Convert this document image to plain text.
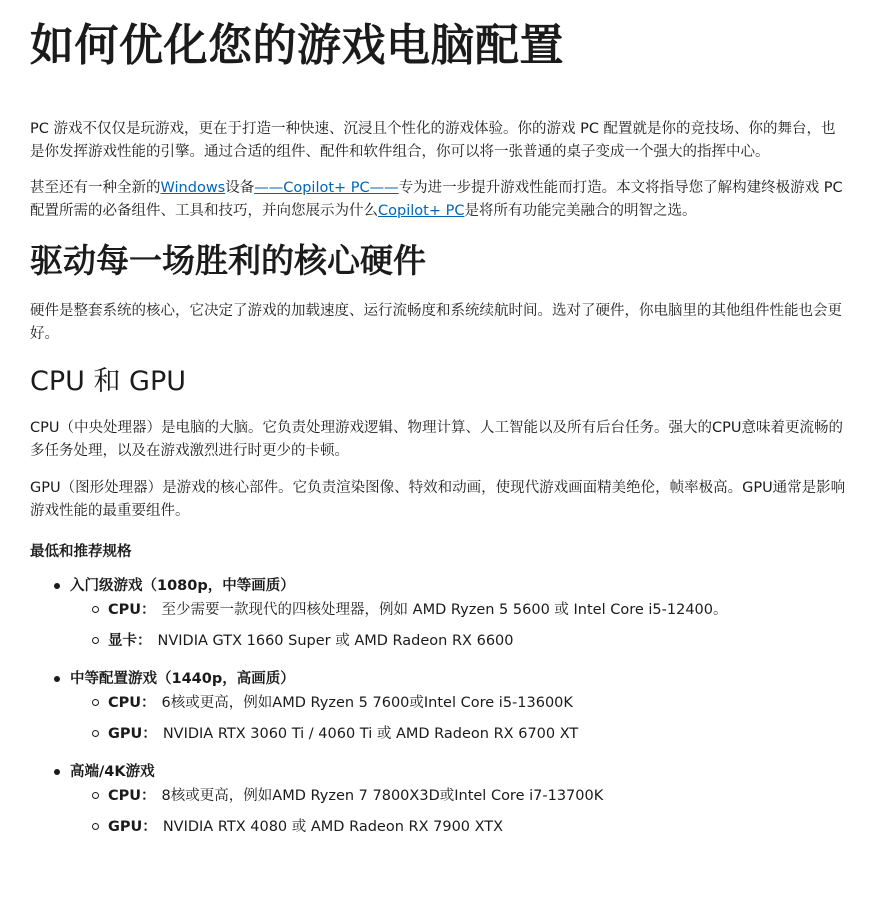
如何优化您的游戏电脑配置

PC 游戏不仅仅是玩游戏，更在于打造一种快速、沉浸且个性化的游戏体验。你的游戏 PC 配置就是你的竞技场、你的舞台，也是你发挥游戏性能的引擎。通过合适的组件、配件和软件组合，你可以将一张普通的桌子变成一个强大的指挥中心。

甚至还有一种全新的Windows设备——Copilot+ PC——专为进一步提升游戏性能而打造。本文将指导您了解构建终极游戏 PC 配置所需的必备组件、工具和技巧，并向您展示为什么Copilot+ PC是将所有功能完美融合的明智之选。

驱动每一场胜利的核心硬件

硬件是整套系统的核心，它决定了游戏的加载速度、运行流畅度和系统续航时间。选对了硬件，你电脑里的其他组件性能也会更好。

CPU 和 GPU

CPU（中央处理器）是电脑的大脑。它负责处理游戏逻辑、物理计算、人工智能以及所有后台任务。强大的CPU意味着更流畅的多任务处理，以及在游戏激烈进行时更少的卡顿。

GPU（图形处理器）是游戏的核心部件。它负责渲染图像、特效和动画，使现代游戏画面精美绝伦，帧率极高。GPU通常是影响游戏性能的最重要组件。

最低和推荐规格
入门级游戏（1080p，中等画质）
CPU： 至少需要一款现代的四核处理器，例如 AMD Ryzen 5 5600 或 Intel Core i5-12400。
显卡： NVIDIA GTX 1660 Super 或 AMD Radeon RX 6600
中等配置游戏（1440p，高画质）
CPU： 6核或更高，例如AMD Ryzen 5 7600或Intel Core i5-13600K
GPU： NVIDIA RTX 3060 Ti / 4060 Ti 或 AMD Radeon RX 6700 XT
高端/4K游戏
CPU： 8核或更高，例如AMD Ryzen 7 7800X3D或Intel Core i7-13700K
GPU： NVIDIA RTX 4080 或 AMD Radeon RX 7900 XTX
